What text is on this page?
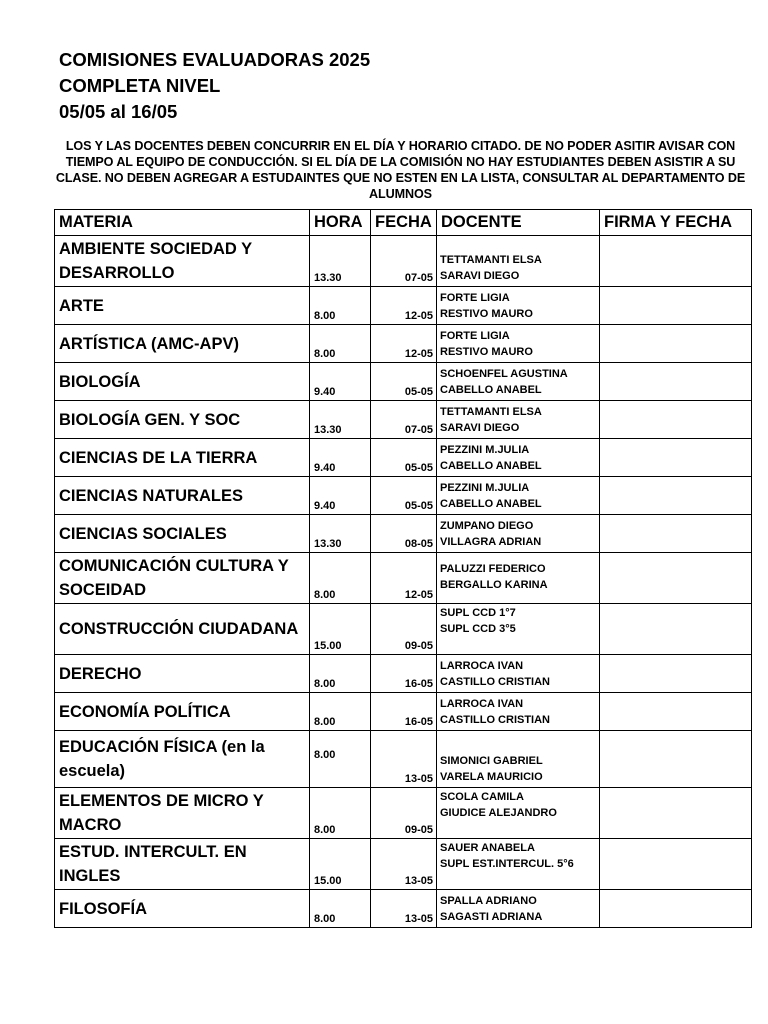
COMISIONES EVALUADORAS 2025
COMPLETA NIVEL
05/05 al 16/05
LOS Y LAS DOCENTES DEBEN CONCURRIR EN EL DÍA Y HORARIO CITADO. DE NO PODER ASITIR AVISAR CON TIEMPO AL EQUIPO DE CONDUCCIÓN. SI EL DÍA DE LA COMISIÓN NO HAY ESTUDIANTES DEBEN ASISTIR A SU CLASE. NO DEBEN AGREGAR A ESTUDAINTES QUE NO ESTEN EN LA LISTA, CONSULTAR AL DEPARTAMENTO DE ALUMNOS
MATERIA	HORA	FECHA	DOCENTE	FIRMA Y FECHA
AMBIENTE SOCIEDAD Y DESARROLLO	13.30	07-05	TETTAMANTI ELSA
SARAVI DIEGO	

ARTE	8.00	12-05	FORTE LIGIA
RESTIVO MAURO	

ARTÍSTICA (AMC-APV)	8.00	12-05	FORTE LIGIA
RESTIVO MAURO	

BIOLOGÍA	9.40	05-05	SCHOENFEL AGUSTINA
CABELLO ANABEL	

BIOLOGÍA GEN. Y SOC	13.30	07-05	TETTAMANTI ELSA
SARAVI DIEGO	

CIENCIAS DE LA TIERRA	9.40	05-05	PEZZINI M.JULIA
CABELLO ANABEL	

CIENCIAS NATURALES	9.40	05-05	PEZZINI M.JULIA
CABELLO ANABEL	

CIENCIAS SOCIALES	13.30	08-05	ZUMPANO DIEGO
VILLAGRA ADRIAN	

COMUNICACIÓN CULTURA Y SOCEIDAD	8.00	12-05	PALUZZI FEDERICO
BERGALLO KARINA	

CONSTRUCCIÓN CIUDADANA	15.00	09-05	SUPL CCD 1°7
SUPL CCD 3°5	

DERECHO	8.00	16-05	LARROCA IVAN
CASTILLO CRISTIAN	

ECONOMÍA POLÍTICA	8.00	16-05	LARROCA IVAN
CASTILLO CRISTIAN	

EDUCACIÓN FÍSICA (en la escuela)	8.00	13-05	SIMONICI GABRIEL
VARELA MAURICIO	

ELEMENTOS DE MICRO Y MACRO	8.00	09-05	SCOLA CAMILA
GIUDICE ALEJANDRO	

ESTUD. INTERCULT. EN INGLES	15.00	13-05	SAUER ANABELA
SUPL EST.INTERCUL. 5°6	

FILOSOFÍA	8.00	13-05	SPALLA ADRIANO
SAGASTI ADRIANA	
